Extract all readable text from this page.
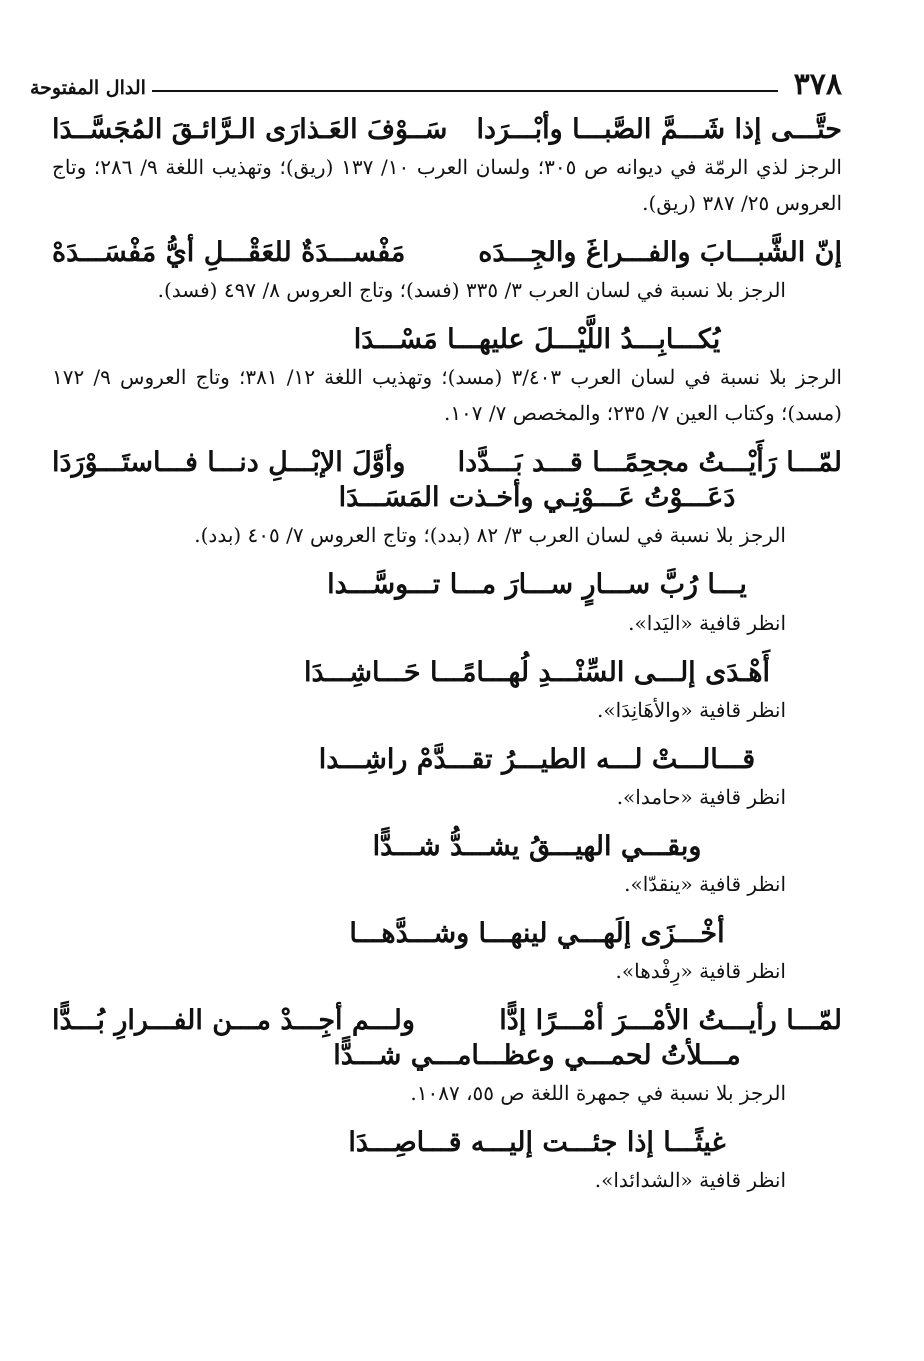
٣٧٨
الدال المفتوحة
حتَّـــى إذا شَـــمَّ الصَّبـــا وأبْـــرَدا
سَــوْفَ العَـذارَى الـرَّائـقَ المُجَسَّــدَا
الرجز لذي الرمّة في ديوانه ص ٣٠٥؛ ولسان العرب ١٠/ ١٣٧ (ريق)؛ وتهذيب اللغة ٩/ ٢٨٦؛ وتاج العروس ٢٥/ ٣٨٧ (ريق).
إنّ الشَّبـــابَ والفـــراغَ والجِـــدَه
مَفْســـدَةٌ للعَقْـــلِ أيُّ مَفْسَـــدَهْ
الرجز بلا نسبة في لسان العرب ٣/ ٣٣٥ (فسد)؛ وتاج العروس ٨/ ٤٩٧ (فسد).
يُكـــابِـــدُ اللَّيْـــلَ عليهـــا مَسْـــدَا
الرجز بلا نسبة في لسان العرب ٣/٤٠٣ (مسد)؛ وتهذيب اللغة ١٢/ ٣٨١؛ وتاج العروس ٩/ ١٧٢ (مسد)؛ وكتاب العين ٧/ ٢٣٥؛ والمخصص ٧/ ١٠٧.
لمّـــا رَأَيْـــتُ مجحِمًـــا قـــد بَـــدَّدا
وأوَّلَ الإبْـــلِ دنـــا فـــاستَـــوْرَدَا
دَعَـــوْتُ عَـــوْنِـي وأخـذت المَسَـــدَا
الرجز بلا نسبة في لسان العرب ٣/ ٨٢ (بدد)؛ وتاج العروس ٧/ ٤٠٥ (بدد).
يـــا رُبَّ ســـارٍ ســـارَ مـــا تـــوسَّـــدا
انظر قافية «اليَدا».
أَهْـدَى إلـــى السِّنْـــدِ لُهـــامًـــا حَـــاشِـــدَا
انظر قافية «والأهَانِدَا».
قـــالـــتْ لـــه الطيـــرُ تقـــدَّمْ راشِـــدا
انظر قافية «حامدا».
وبقـــي الهيـــقُ يشـــدُّ شـــدًّا
انظر قافية «ينقدّا».
أخْـــزَى إلَهـــي لينهـــا وشـــدَّهـــا
انظر قافية «رِفْدها».
لمّـــا رأيـــتُ الأمْـــرَ أمْـــرًا إدًّا
ولـــم أجِـــدْ مـــن الفـــرارِ بُـــدًّا
مـــلأتُ لحمـــي وعظـــامـــي شـــدًّا
الرجز بلا نسبة في جمهرة اللغة ص ٥٥، ١٠٨٧.
غيثًـــا إذا جئـــت إليـــه قـــاصِـــدَا
انظر قافية «الشدائدا».
